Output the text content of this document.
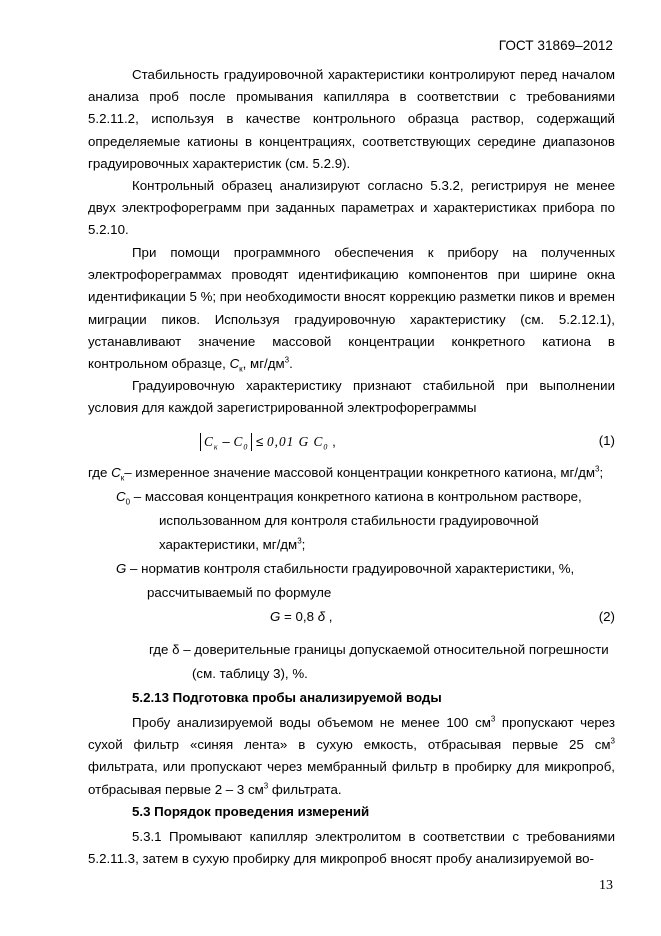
ГОСТ 31869–2012

Стабильность градуировочной характеристики контролируют перед началом анализа проб после промывания капилляра в соответствии с требованиями 5.2.11.2, используя в качестве контрольного образца раствор, содержащий определяемые катионы в концентрациях, соответствующих середине диапазонов градуировочных характеристик (см. 5.2.9).

Контрольный образец анализируют согласно 5.3.2, регистрируя не менее двух электрофореграмм при заданных параметрах и характеристиках прибора по 5.2.10.

При помощи программного обеспечения к прибору на полученных электрофореграммах проводят идентификацию компонентов при ширине окна идентификации 5 %; при необходимости вносят коррекцию разметки пиков и времен миграции пиков. Используя градуировочную характеристику (см. 5.2.12.1), устанавливают значение массовой концентрации конкретного катиона в контрольном образце, $С_к$, $мг/дм^3$.

Градуировочную характеристику признают стабильной при выполнении условия для каждой зарегистрированной электрофореграммы

$C_к - C_0 \le 0,01$ G $C_0$ ,	(1)
где $С_к-$ измеренное значение массовой концентрации конкретного катиона, $мг/дм^3$;
$С_0$ – массовая концентрация конкретного катиона в контрольном растворе,
использованном для контроля стабильности градуировочной
характеристики, $мг/дм^3$;
G – норматив контроля стабильности градуировочной характеристики, %,
рассчитываемый по формуле
G = 0,8 δ ,	(2)
где δ – доверительные границы допускаемой относительной погрешности
(см. таблицу 3), %.
5.2.13 Подготовка пробы анализируемой воды

Пробу анализируемой воды объемом не менее 100 $см^3$ пропускают через сухой фильтр «синяя лента» в сухую емкость, отбрасывая первые 25 $см^3$ фильтрата, или пропускают через мембранный фильтр в пробирку для микропроб, отбрасывая первые 2 – 3 $см^3$ фильтрата.

5.3 Порядок проведения измерений

5.3.1 Промывают капилляр электролитом в соответствии с требованиями 5.2.11.3, затем в сухую пробирку для микропроб вносят пробу анализируемой во-

13
